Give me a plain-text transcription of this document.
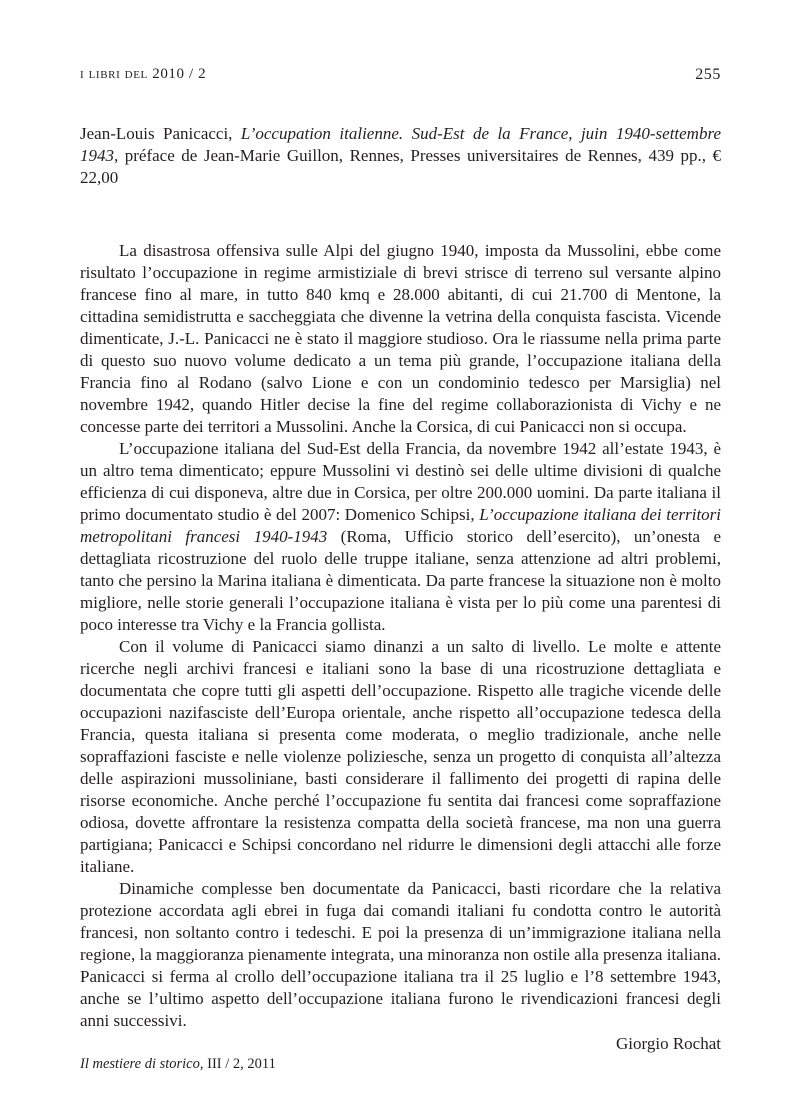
i libri del 2010 / 2	255
Jean-Louis Panicacci, L’occupation italienne. Sud-Est de la France, juin 1940-settembre 1943, préface de Jean-Marie Guillon, Rennes, Presses universitaires de Rennes, 439 pp., € 22,00

La disastrosa offensiva sulle Alpi del giugno 1940, imposta da Mussolini, ebbe come risultato l’occupazione in regime armistiziale di brevi strisce di terreno sul versante alpino francese fino al mare, in tutto 840 kmq e 28.000 abitanti, di cui 21.700 di Mentone, la cittadina semidistrutta e saccheggiata che divenne la vetrina della conquista fascista. Vicende dimenticate, J.-L. Panicacci ne è stato il maggiore studioso. Ora le riassume nella prima parte di questo suo nuovo volume dedicato a un tema più grande, l’occupazione italiana della Francia fino al Rodano (salvo Lione e con un condominio tedesco per Marsiglia) nel novembre 1942, quando Hitler decise la fine del regime collaborazionista di Vichy e ne concesse parte dei territori a Mussolini. Anche la Corsica, di cui Panicacci non si occupa.

L’occupazione italiana del Sud-Est della Francia, da novembre 1942 all’estate 1943, è un altro tema dimenticato; eppure Mussolini vi destinò sei delle ultime divisioni di qualche efficienza di cui disponeva, altre due in Corsica, per oltre 200.000 uomini. Da parte italiana il primo documentato studio è del 2007: Domenico Schipsi, L’occupazione italiana dei territori metropolitani francesi 1940-1943 (Roma, Ufficio storico dell’esercito), un’onesta e dettagliata ricostruzione del ruolo delle truppe italiane, senza attenzione ad altri problemi, tanto che persino la Marina italiana è dimenticata. Da parte francese la situazione non è molto migliore, nelle storie generali l’occupazione italiana è vista per lo più come una parentesi di poco interesse tra Vichy e la Francia gollista.

Con il volume di Panicacci siamo dinanzi a un salto di livello. Le molte e attente ricerche negli archivi francesi e italiani sono la base di una ricostruzione dettagliata e documentata che copre tutti gli aspetti dell’occupazione. Rispetto alle tragiche vicende delle occupazioni nazifasciste dell’Europa orientale, anche rispetto all’occupazione tedesca della Francia, questa italiana si presenta come moderata, o meglio tradizionale, anche nelle sopraffazioni fasciste e nelle violenze poliziesche, senza un progetto di conquista all’altezza delle aspirazioni mussoliniane, basti considerare il fallimento dei progetti di rapina delle risorse economiche. Anche perché l’occupazione fu sentita dai francesi come sopraffazione odiosa, dovette affrontare la resistenza compatta della società francese, ma non una guerra partigiana; Panicacci e Schipsi concordano nel ridurre le dimensioni degli attacchi alle forze italiane.

Dinamiche complesse ben documentate da Panicacci, basti ricordare che la relativa protezione accordata agli ebrei in fuga dai comandi italiani fu condotta contro le autorità francesi, non soltanto contro i tedeschi. E poi la presenza di un’immigrazione italiana nella regione, la maggioranza pienamente integrata, una minoranza non ostile alla presenza italiana. Panicacci si ferma al crollo dell’occupazione italiana tra il 25 luglio e l’8 settembre 1943, anche se l’ultimo aspetto dell’occupazione italiana furono le rivendicazioni francesi degli anni successivi.

Giorgio Rochat
Il mestiere di storico, III / 2, 2011
